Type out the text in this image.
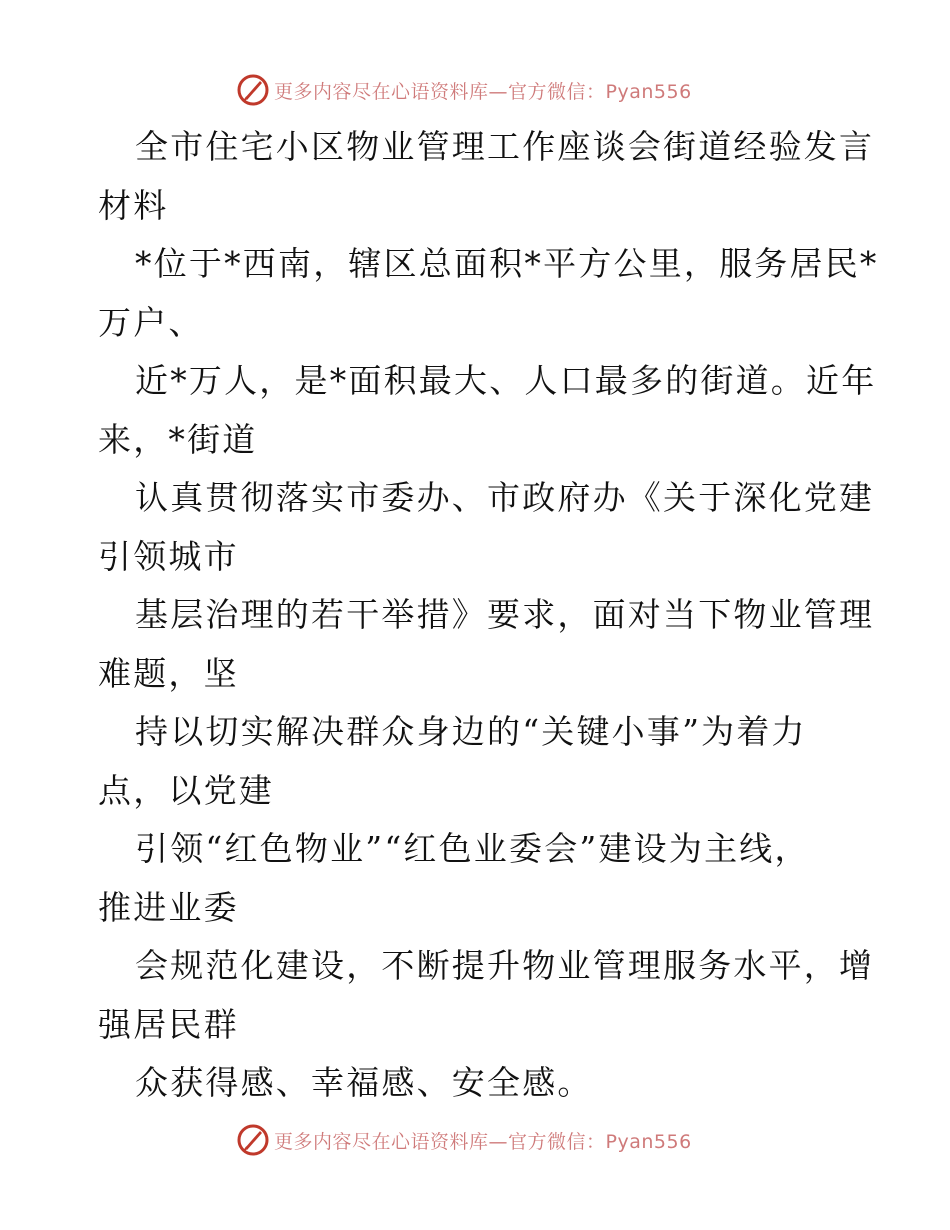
更多内容尽在心语资料库—官方微信：Pyan556

全市住宅小区物业管理工作座谈会街道经验发言
材料

*位于*西南，辖区总面积*平方公里，服务居民*
万户、

近*万人，是*面积最大、人口最多的街道。近年
来，*街道

认真贯彻落实市委办、市政府办《关于深化党建
引领城市

基层治理的若干举措》要求，面对当下物业管理
难题，坚

持以切实解决群众身边的“关键小事”为着力
点，以党建

引领“红色物业”“红色业委会”建设为主线，
推进业委

会规范化建设，不断提升物业管理服务水平，增
强居民群

众获得感、幸福感、安全感。

更多内容尽在心语资料库—官方微信：Pyan556
